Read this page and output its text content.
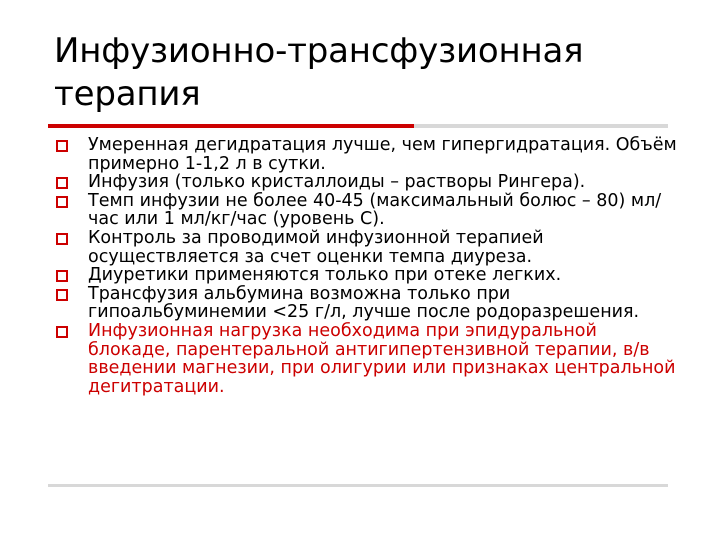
Инфузионно-трансфузионная терапия
Умеренная дегидратация лучше, чем гипергидратация. Объём примерно 1-1,2 л в сутки.
Инфузия (только кристаллоиды – растворы Рингера).
Темп инфузии не более 40-45 (максимальный болюс – 80) мл/час или 1 мл/кг/час (уровень С).
Контроль за проводимой инфузионной терапией осуществляется за счет оценки темпа диуреза.
Диуретики применяются только при отеке легких.
Трансфузия альбумина возможна только при гипоальбуминемии <25 г/л, лучше после родоразрешения.
Инфузионная нагрузка необходима при эпидуральной блокаде, парентеральной антигипертензивной терапии, в/в введении магнезии, при олигурии или признаках центральной дегитратации.
